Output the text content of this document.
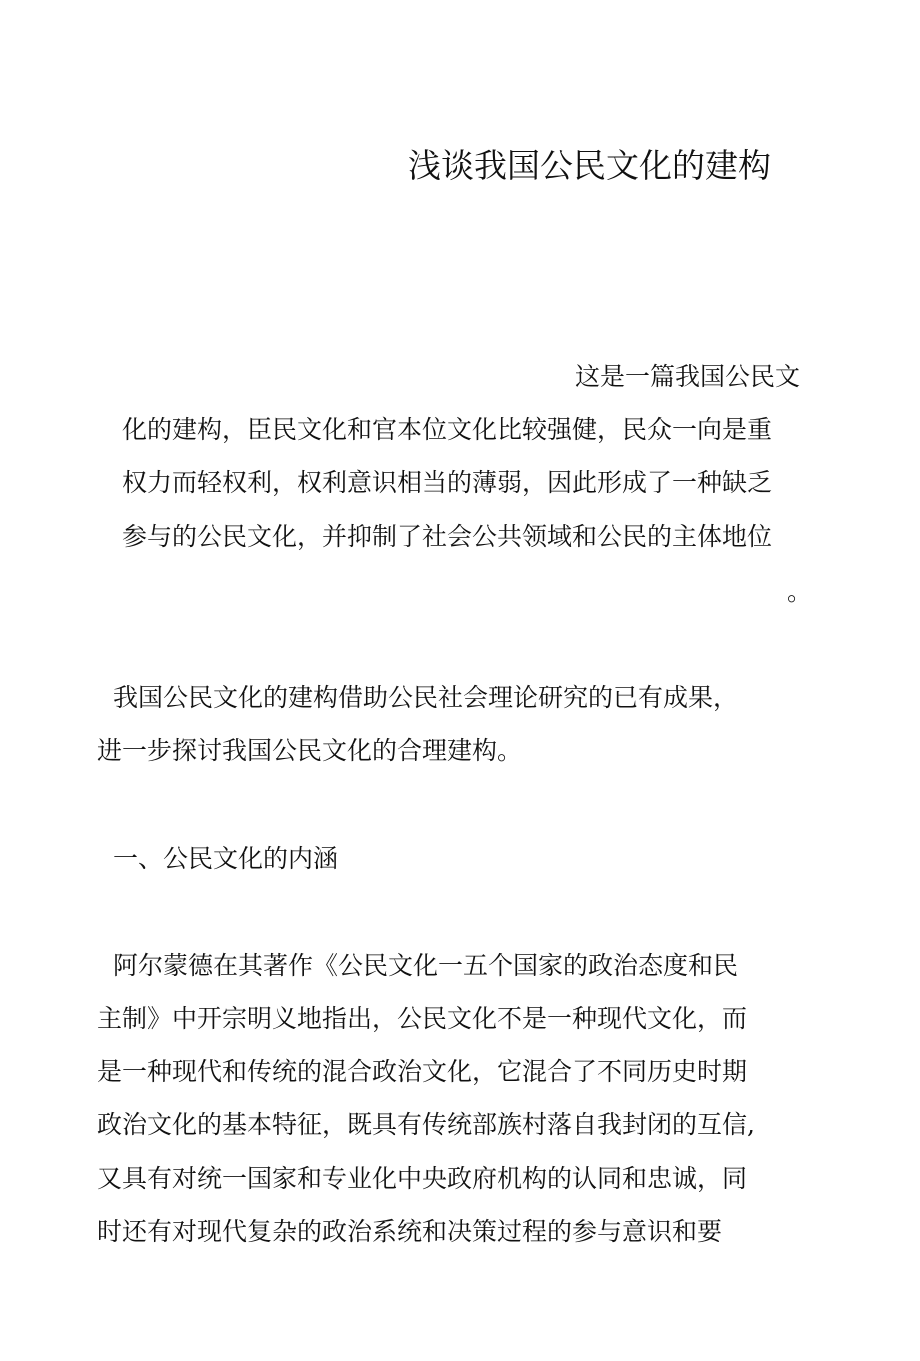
浅谈我国公民文化的建构
这是一篇我国公民文
化的建构，臣民文化和官本位文化比较强健，民众一向是重
权力而轻权利，权利意识相当的薄弱，因此形成了一种缺乏
参与的公民文化，并抑制了社会公共领域和公民的主体地位
。
我国公民文化的建构借助公民社会理论研究的已有成果，
进一步探讨我国公民文化的合理建构。
一、公民文化的内涵
阿尔蒙德在其著作《公民文化一五个国家的政治态度和民
主制》中开宗明义地指出，公民文化不是一种现代文化，而
是一种现代和传统的混合政治文化，它混合了不同历史时期
政治文化的基本特征，既具有传统部族村落自我封闭的互信,
又具有对统一国家和专业化中央政府机构的认同和忠诚，同
时还有对现代复杂的政治系统和决策过程的参与意识和要
